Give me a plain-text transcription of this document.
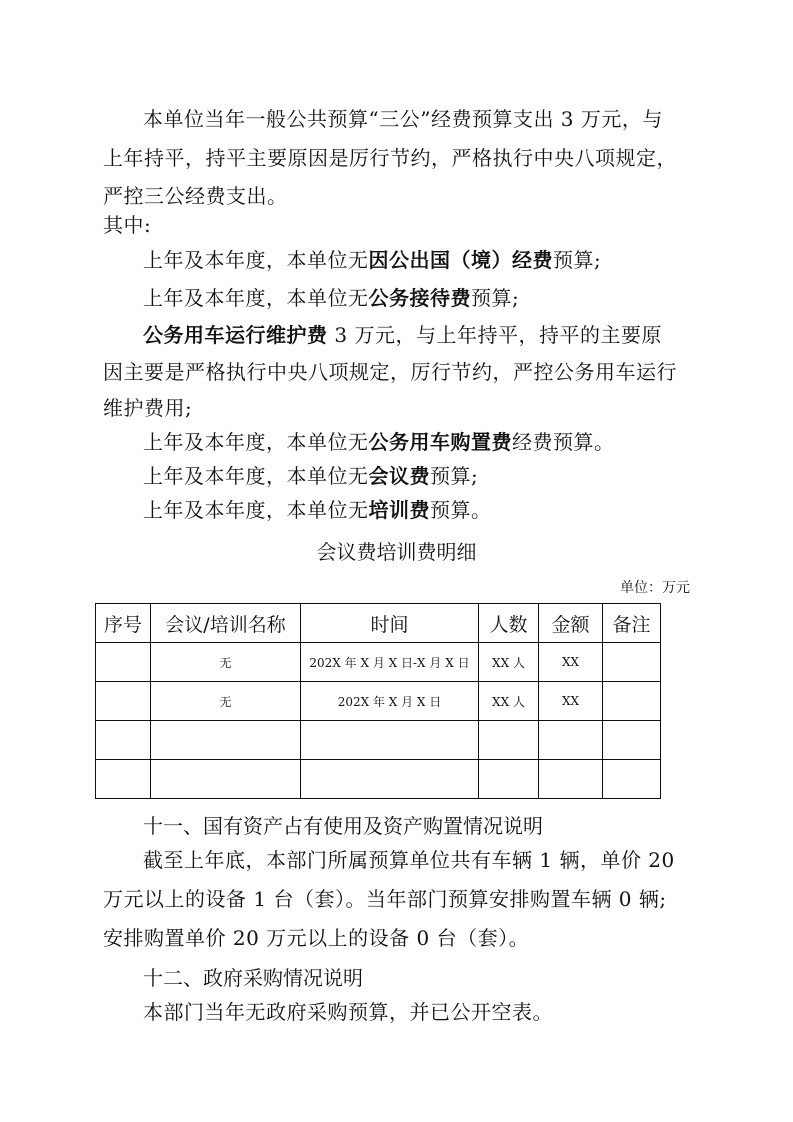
本单位当年一般公共预算“三公”经费预算支出 3 万元，与
上年持平，持平主要原因是厉行节约，严格执行中央八项规定，
严控三公经费支出。
其中:
上年及本年度，本单位无因公出国（境）经费预算;
上年及本年度，本单位无公务接待费预算;
公务用车运行维护费 3 万元，与上年持平，持平的主要原
因主要是严格执行中央八项规定，厉行节约，严控公务用车运行
维护费用;
上年及本年度，本单位无公务用车购置费经费预算。
上年及本年度，本单位无会议费预算;
上年及本年度，本单位无培训费预算。
会议费培训费明细
单位：万元
序号	会议/培训名称	时间	人数	金额	备注
	无	202X 年 X 月 X 日-X 月 X 日	XX 人	XX	
	无	202X 年 X 月 X 日	XX 人	XX	

十一、国有资产占有使用及资产购置情况说明
截至上年底，本部门所属预算单位共有车辆 1 辆，单价 20
万元以上的设备 1 台（套）。当年部门预算安排购置车辆 0 辆;
安排购置单价 20 万元以上的设备 0 台（套）。
十二、政府采购情况说明
本部门当年无政府采购预算，并已公开空表。
